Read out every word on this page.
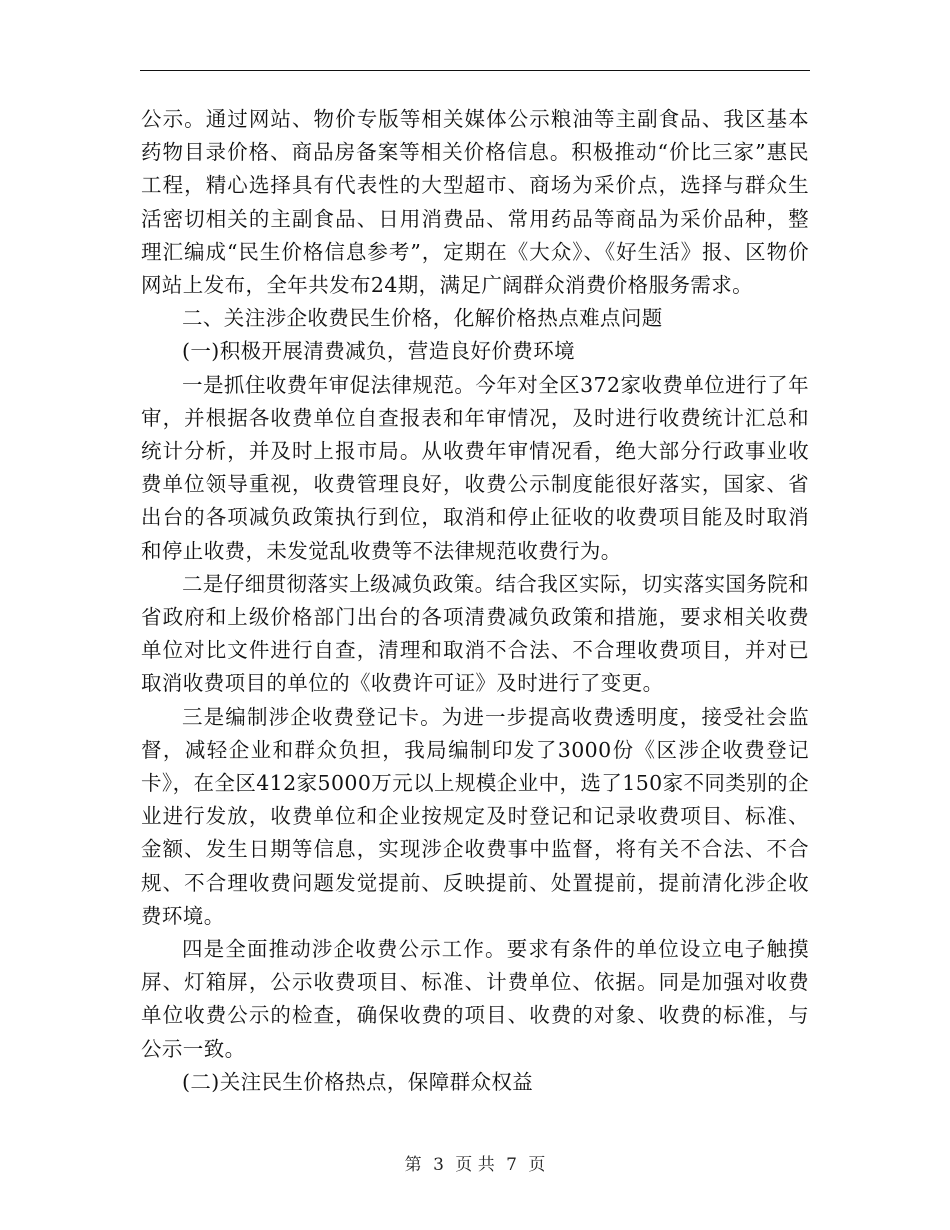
公示。通过网站、物价专版等相关媒体公示粮油等主副食品、我区基本药物目录价格、商品房备案等相关价格信息。积极推动“价比三家”惠民工程，精心选择具有代表性的大型超市、商场为采价点，选择与群众生活密切相关的主副食品、日用消费品、常用药品等商品为采价品种，整理汇编成“民生价格信息参考”，定期在《大众》、《好生活》报、区物价网站上发布，全年共发布24期，满足广阔群众消费价格服务需求。

二、关注涉企收费民生价格，化解价格热点难点问题

(一)积极开展清费减负，营造良好价费环境

一是抓住收费年审促法律规范。今年对全区372家收费单位进行了年审，并根据各收费单位自查报表和年审情况，及时进行收费统计汇总和统计分析，并及时上报市局。从收费年审情况看，绝大部分行政事业收费单位领导重视，收费管理良好，收费公示制度能很好落实，国家、省出台的各项减负政策执行到位，取消和停止征收的收费项目能及时取消和停止收费，未发觉乱收费等不法律规范收费行为。

二是仔细贯彻落实上级减负政策。结合我区实际，切实落实国务院和省政府和上级价格部门出台的各项清费减负政策和措施，要求相关收费单位对比文件进行自查，清理和取消不合法、不合理收费项目，并对已取消收费项目的单位的《收费许可证》及时进行了变更。

三是编制涉企收费登记卡。为进一步提高收费透明度，接受社会监督，减轻企业和群众负担，我局编制印发了3000份《区涉企收费登记卡》，在全区412家5000万元以上规模企业中，选了150家不同类别的企业进行发放，收费单位和企业按规定及时登记和记录收费项目、标准、金额、发生日期等信息，实现涉企收费事中监督，将有关不合法、不合规、不合理收费问题发觉提前、反映提前、处置提前，提前清化涉企收费环境。

四是全面推动涉企收费公示工作。要求有条件的单位设立电子触摸屏、灯箱屏，公示收费项目、标准、计费单位、依据。同是加强对收费单位收费公示的检查，确保收费的项目、收费的对象、收费的标准，与公示一致。

(二)关注民生价格热点，保障群众权益

第 3 页 共 7 页
